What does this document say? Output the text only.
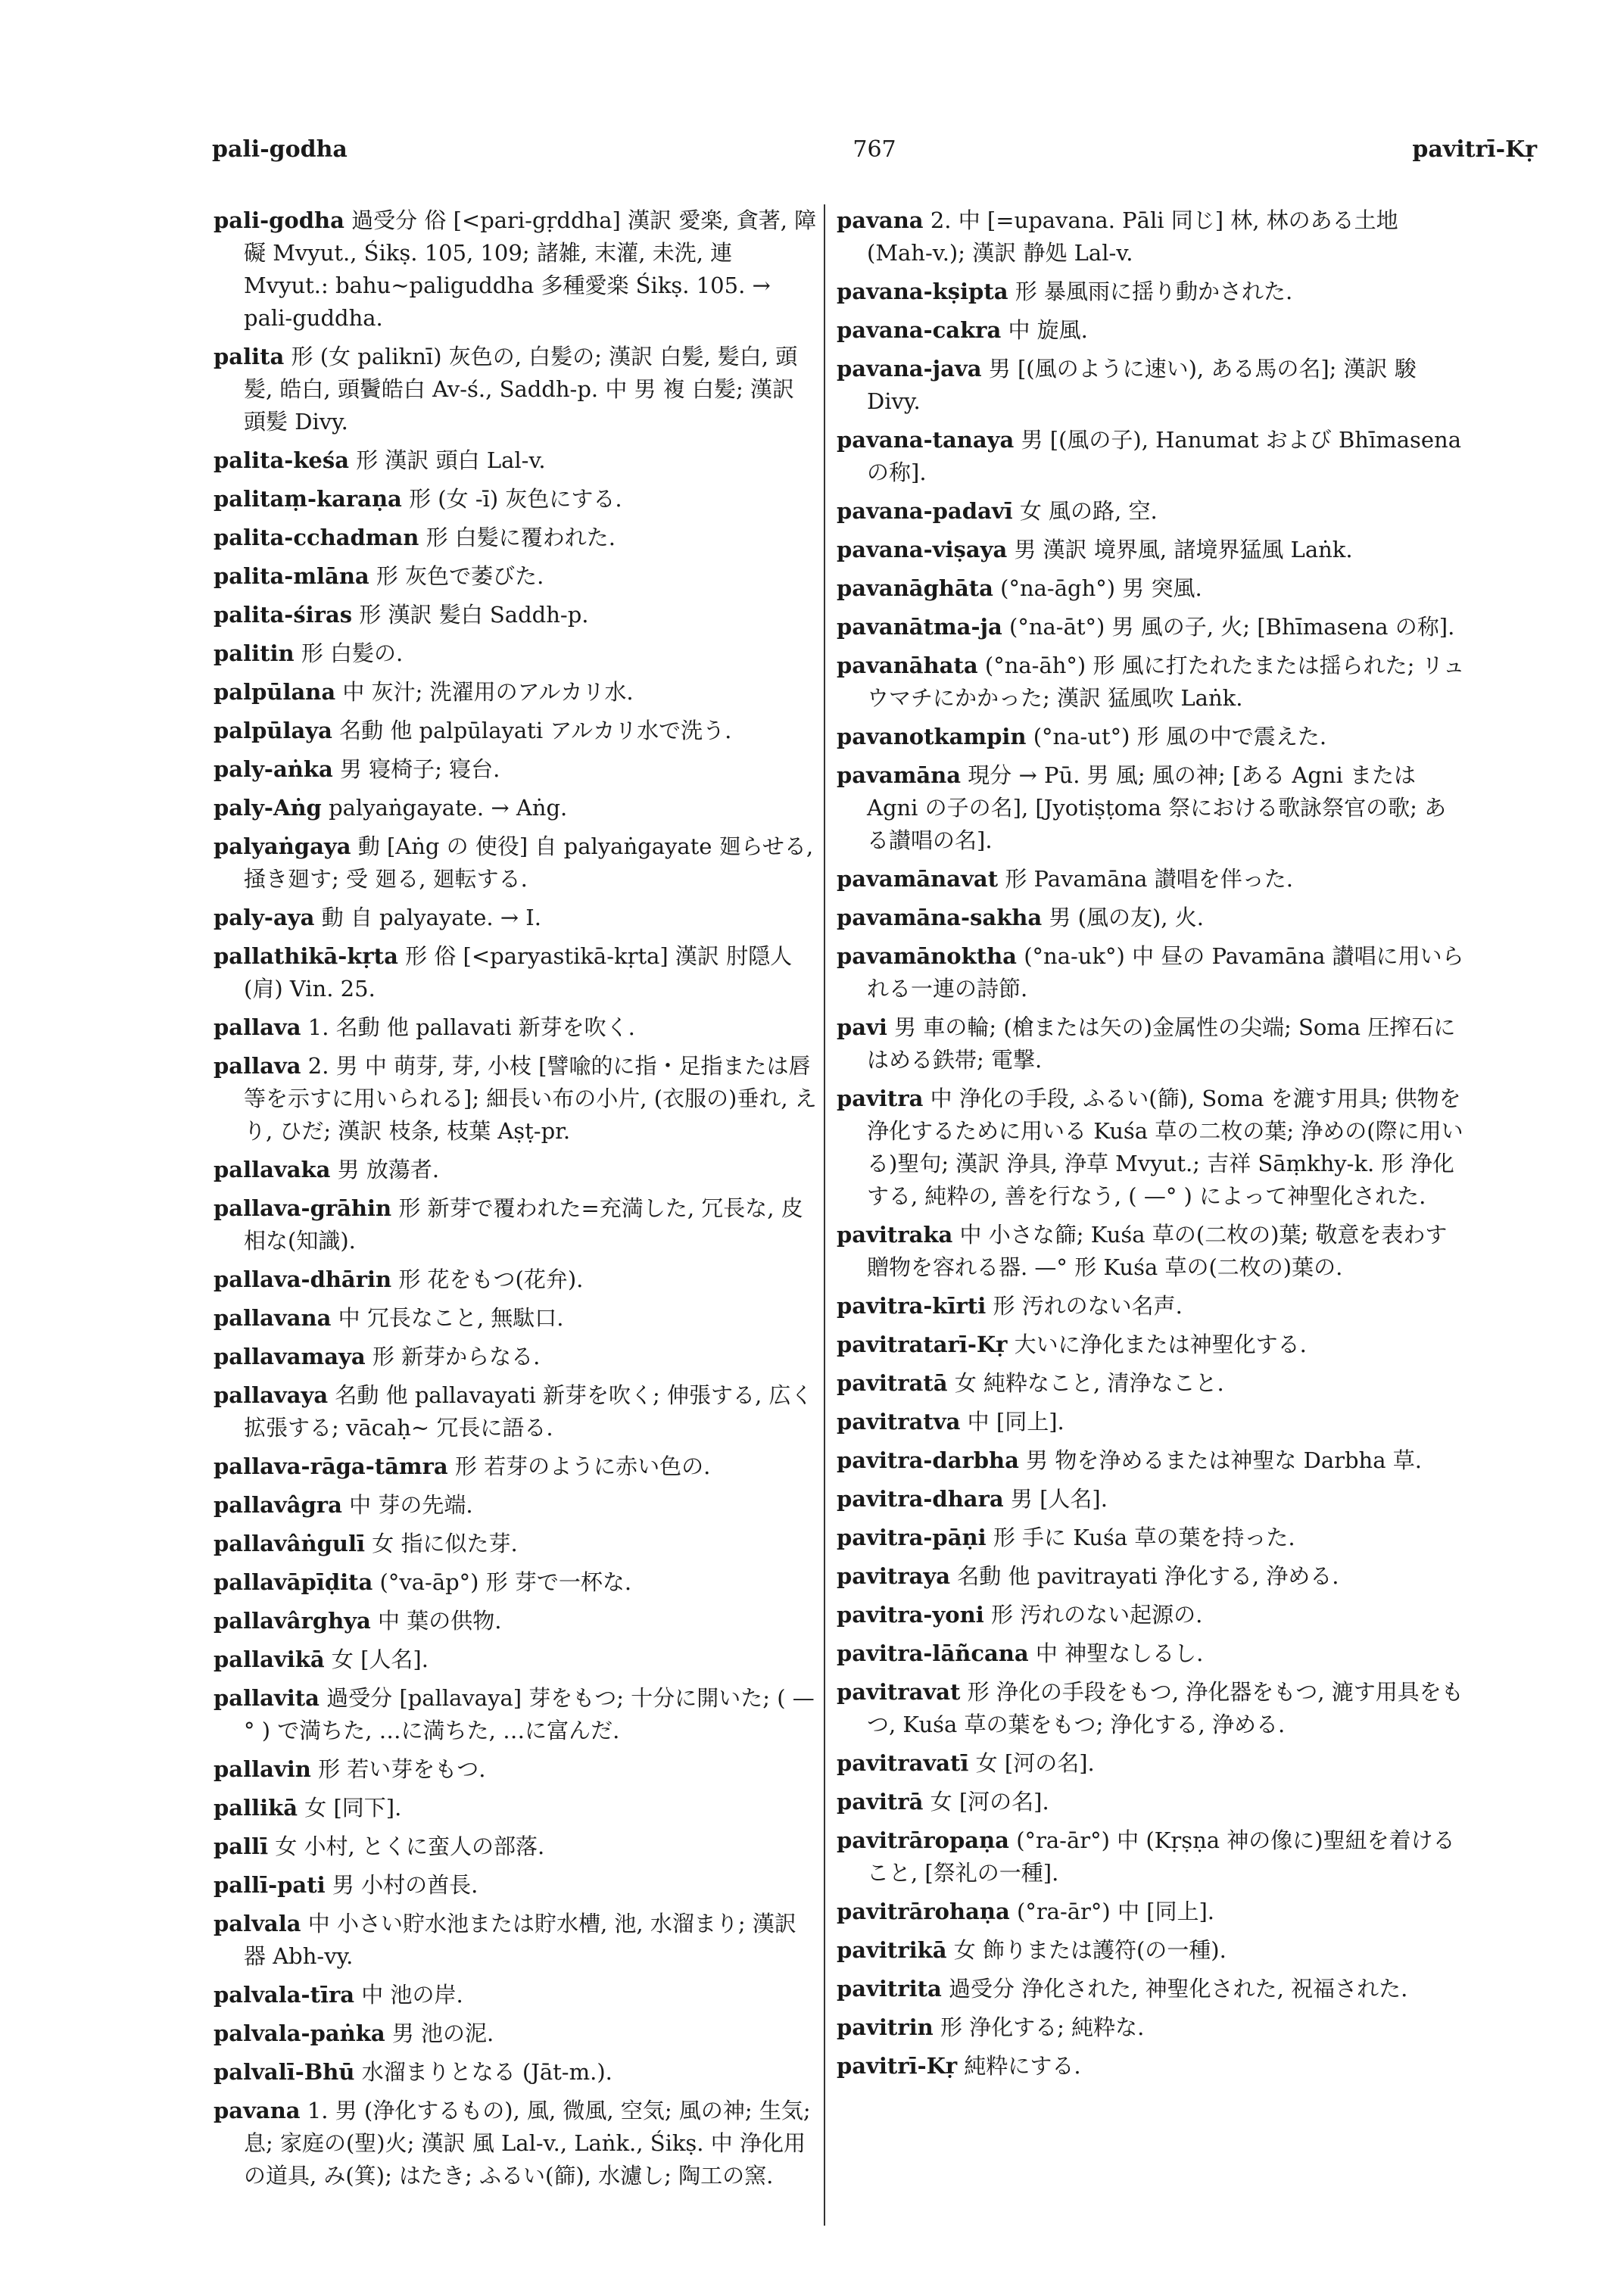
pali-godha	767	pavitrī-Kṛ

pali-godha 過受分 俗 [<pari-gṛddha] 漢訳 愛楽, 貪著, 障礙 Mvyut., Śikṣ. 105, 109; 諸雑, 末灌, 未洗, 連 Mvyut.: bahu~paliguddha 多種愛楽 Śikṣ. 105. → pali-guddha.

palita 形 (女 paliknī) 灰色の, 白髪の; 漢訳 白髪, 髪白, 頭髪, 皓白, 頭鬢皓白 Av-ś., Saddh-p. 中 男 複 白髪; 漢訳 頭髪 Divy.

palita-keśa 形 漢訳 頭白 Lal-v.

palitaṃ-karaṇa 形 (女 -ī) 灰色にする.

palita-cchadman 形 白髪に覆われた.

palita-mlāna 形 灰色で萎びた.

palita-śiras 形 漢訳 髪白 Saddh-p.

palitin 形 白髪の.

palpūlana 中 灰汁; 洗濯用のアルカリ水.

palpūlaya 名動 他 palpūlayati アルカリ水で洗う.

paly-aṅka 男 寝椅子; 寝台.

paly-Aṅg palyaṅgayate. → Aṅg.

palyaṅgaya 動 [Aṅg の 使役] 自 palyaṅgayate 廻らせる, 掻き廻す; 受 廻る, 廻転する.

paly-aya 動 自 palyayate. → I.

pallathikā-kṛta 形 俗 [<paryastikā-kṛta] 漢訳 肘隠人(肩) Vin. 25.

pallava 1. 名動 他 pallavati 新芽を吹く.

pallava 2. 男 中 萌芽, 芽, 小枝 [譬喩的に指・足指または唇等を示すに用いられる]; 細長い布の小片, (衣服の)垂れ, えり, ひだ; 漢訳 枝条, 枝葉 Aṣṭ-pr.

pallavaka 男 放蕩者.

pallava-grāhin 形 新芽で覆われた=充満した, 冗長な, 皮相な(知識).

pallava-dhārin 形 花をもつ(花弁).

pallavana 中 冗長なこと, 無駄口.

pallavamaya 形 新芽からなる.

pallavaya 名動 他 pallavayati 新芽を吹く; 伸張する, 広く拡張する; vācaḥ~ 冗長に語る.

pallava-rāga-tāmra 形 若芽のように赤い色の.

pallavâgra 中 芽の先端.

pallavâṅgulī 女 指に似た芽.

pallavāpīḍita (°va-āp°) 形 芽で一杯な.

pallavârghya 中 葉の供物.

pallavikā 女 [人名].

pallavita 過受分 [pallavaya] 芽をもつ; 十分に開いた; ( —° ) で満ちた, …に満ちた, …に富んだ.

pallavin 形 若い芽をもつ.

pallikā 女 [同下].

pallī 女 小村, とくに蛮人の部落.

pallī-pati 男 小村の酋長.

palvala 中 小さい貯水池または貯水槽, 池, 水溜まり; 漢訳 器 Abh-vy.

palvala-tīra 中 池の岸.

palvala-paṅka 男 池の泥.

palvalī-Bhū 水溜まりとなる (Jāt-m.).

pavana 1. 男 (浄化するもの), 風, 微風, 空気; 風の神; 生気; 息; 家庭の(聖)火; 漢訳 風 Lal-v., Laṅk., Śikṣ. 中 浄化用の道具, み(箕); はたき; ふるい(篩), 水濾し; 陶工の窯.

pavana 2. 中 [=upavana. Pāli 同じ] 林, 林のある土地 (Mah-v.); 漢訳 静処 Lal-v.

pavana-kṣipta 形 暴風雨に揺り動かされた.

pavana-cakra 中 旋風.

pavana-java 男 [(風のように速い), ある馬の名]; 漢訳 駿 Divy.

pavana-tanaya 男 [(風の子), Hanumat および Bhīmasena の称].

pavana-padavī 女 風の路, 空.

pavana-viṣaya 男 漢訳 境界風, 諸境界猛風 Laṅk.

pavanāghāta (°na-āgh°) 男 突風.

pavanātma-ja (°na-āt°) 男 風の子, 火; [Bhīmasena の称].

pavanāhata (°na-āh°) 形 風に打たれたまたは揺られた; リュウマチにかかった; 漢訳 猛風吹 Laṅk.

pavanotkampin (°na-ut°) 形 風の中で震えた.

pavamāna 現分 → Pū. 男 風; 風の神; [ある Agni または Agni の子の名], [Jyotiṣṭoma 祭における歌詠祭官の歌; ある讃唱の名].

pavamānavat 形 Pavamāna 讃唱を伴った.

pavamāna-sakha 男 (風の友), 火.

pavamānoktha (°na-uk°) 中 昼の Pavamāna 讃唱に用いられる一連の詩節.

pavi 男 車の輪; (槍または矢の)金属性の尖端; Soma 圧搾石にはめる鉄帯; 電撃.

pavitra 中 浄化の手段, ふるい(篩), Soma を漉す用具; 供物を浄化するために用いる Kuśa 草の二枚の葉; 浄めの(際に用いる)聖句; 漢訳 浄具, 浄草 Mvyut.; 吉祥 Sāṃkhy-k. 形 浄化する, 純粋の, 善を行なう, ( —° ) によって神聖化された.

pavitraka 中 小さな篩; Kuśa 草の(二枚の)葉; 敬意を表わす贈物を容れる器. —° 形 Kuśa 草の(二枚の)葉の.

pavitra-kīrti 形 汚れのない名声.

pavitratarī-Kṛ 大いに浄化または神聖化する.

pavitratā 女 純粋なこと, 清浄なこと.

pavitratva 中 [同上].

pavitra-darbha 男 物を浄めるまたは神聖な Darbha 草.

pavitra-dhara 男 [人名].

pavitra-pāṇi 形 手に Kuśa 草の葉を持った.

pavitraya 名動 他 pavitrayati 浄化する, 浄める.

pavitra-yoni 形 汚れのない起源の.

pavitra-lāñcana 中 神聖なしるし.

pavitravat 形 浄化の手段をもつ, 浄化器をもつ, 漉す用具をもつ, Kuśa 草の葉をもつ; 浄化する, 浄める.

pavitravatī 女 [河の名].

pavitrā 女 [河の名].

pavitrāropaṇa (°ra-ār°) 中 (Kṛṣṇa 神の像に)聖紐を着けること, [祭礼の一種].

pavitrārohaṇa (°ra-ār°) 中 [同上].

pavitrikā 女 飾りまたは護符(の一種).

pavitrita 過受分 浄化された, 神聖化された, 祝福された.

pavitrin 形 浄化する; 純粋な.

pavitrī-Kṛ 純粋にする.
